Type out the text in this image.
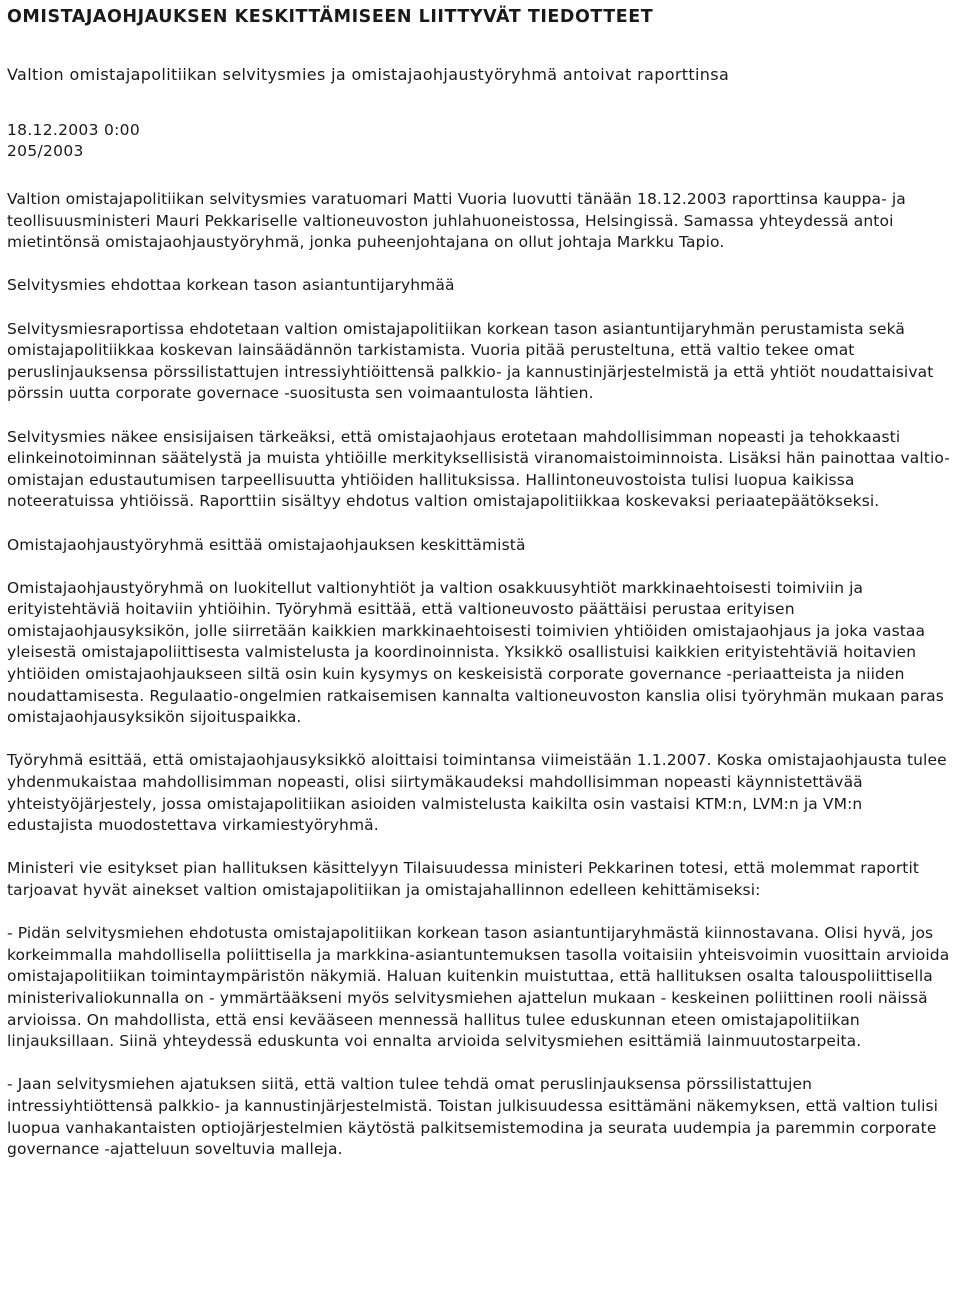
OMISTAJAOHJAUKSEN KESKITTÄMISEEN LIITTYVÄT TIEDOTTEET
Valtion omistajapolitiikan selvitysmies ja omistajaohjaustyöryhmä antoivat raporttinsa
18.12.2003 0:00
205/2003

Valtion omistajapolitiikan selvitysmies varatuomari Matti Vuoria luovutti tänään 18.12.2003 raporttinsa kauppa- ja teollisuusministeri Mauri Pekkariselle valtioneuvoston juhlahuoneistossa, Helsingissä. Samassa yhteydessä antoi mietintönsä omistajaohjaustyöryhmä, jonka puheenjohtajana on ollut johtaja Markku Tapio.

Selvitysmies ehdottaa korkean tason asiantuntijaryhmää

Selvitysmiesraportissa ehdotetaan valtion omistajapolitiikan korkean tason asiantuntijaryhmän perustamista sekä omistajapolitiikkaa koskevan lainsäädännön tarkistamista. Vuoria pitää perusteltuna, että valtio tekee omat peruslinjauksensa pörssilistattujen intressiyhtiöittensä palkkio- ja kannustinjärjestelmistä ja että yhtiöt noudattaisivat pörssin uutta corporate governace -suositusta sen voimaantulosta lähtien.

Selvitysmies näkee ensisijaisen tärkeäksi, että omistajaohjaus erotetaan mahdollisimman nopeasti ja tehokkaasti elinkeinotoiminnan säätelystä ja muista yhtiöille merkityksellisistä viranomaistoiminnoista. Lisäksi hän painottaa valtio-omistajan edustautumisen tarpeellisuutta yhtiöiden hallituksissa. Hallintoneuvostoista tulisi luopua kaikissa noteeratuissa yhtiöissä. Raporttiin sisältyy ehdotus valtion omistajapolitiikkaa koskevaksi periaatepäätökseksi.

Omistajaohjaustyöryhmä esittää omistajaohjauksen keskittämistä

Omistajaohjaustyöryhmä on luokitellut valtionyhtiöt ja valtion osakkuusyhtiöt markkinaehtoisesti toimiviin ja erityistehtäviä hoitaviin yhtiöihin. Työryhmä esittää, että valtioneuvosto päättäisi perustaa erityisen omistajaohjausyksikön, jolle siirretään kaikkien markkinaehtoisesti toimivien yhtiöiden omistajaohjaus ja joka vastaa yleisestä omistajapoliittisesta valmistelusta ja koordinoinnista. Yksikkö osallistuisi kaikkien erityistehtäviä hoitavien yhtiöiden omistajaohjaukseen siltä osin kuin kysymys on keskeisistä corporate governance -periaatteista ja niiden noudattamisesta. Regulaatio-ongelmien ratkaisemisen kannalta valtioneuvoston kanslia olisi työryhmän mukaan paras omistajaohjausyksikön sijoituspaikka.

Työryhmä esittää, että omistajaohjausyksikkö aloittaisi toimintansa viimeistään 1.1.2007. Koska omistajaohjausta tulee yhdenmukaistaa mahdollisimman nopeasti, olisi siirtymäkaudeksi mahdollisimman nopeasti käynnistettävää yhteistyöjärjestely, jossa omistajapolitiikan asioiden valmistelusta kaikilta osin vastaisi KTM:n, LVM:n ja VM:n edustajista muodostettava virkamiestyöryhmä.

Ministeri vie esitykset pian hallituksen käsittelyyn Tilaisuudessa ministeri Pekkarinen totesi, että molemmat raportit tarjoavat hyvät ainekset valtion omistajapolitiikan ja omistajahallinnon edelleen kehittämiseksi:

- Pidän selvitysmiehen ehdotusta omistajapolitiikan korkean tason asiantuntijaryhmästä kiinnostavana. Olisi hyvä, jos korkeimmalla mahdollisella poliittisella ja markkina-asiantuntemuksen tasolla voitaisiin yhteisvoimin vuosittain arvioida omistajapolitiikan toimintaympäristön näkymiä. Haluan kuitenkin muistuttaa, että hallituksen osalta talouspoliittisella ministerivaliokunnalla on - ymmärtääkseni myös selvitysmiehen ajattelun mukaan - keskeinen poliittinen rooli näissä arvioissa. On mahdollista, että ensi kevääseen mennessä hallitus tulee eduskunnan eteen omistajapolitiikan linjauksillaan. Siinä yhteydessä eduskunta voi ennalta arvioida selvitysmiehen esittämiä lainmuutostarpeita.

- Jaan selvitysmiehen ajatuksen siitä, että valtion tulee tehdä omat peruslinjauksensa pörssilistattujen intressiyhtiöttensä palkkio- ja kannustinjärjestelmistä. Toistan julkisuudessa esittämäni näkemyksen, että valtion tulisi luopua vanhakantaisten optiojärjestelmien käytöstä palkitsemistemodina ja seurata uudempia ja paremmin corporate governance -ajatteluun soveltuvia malleja.
